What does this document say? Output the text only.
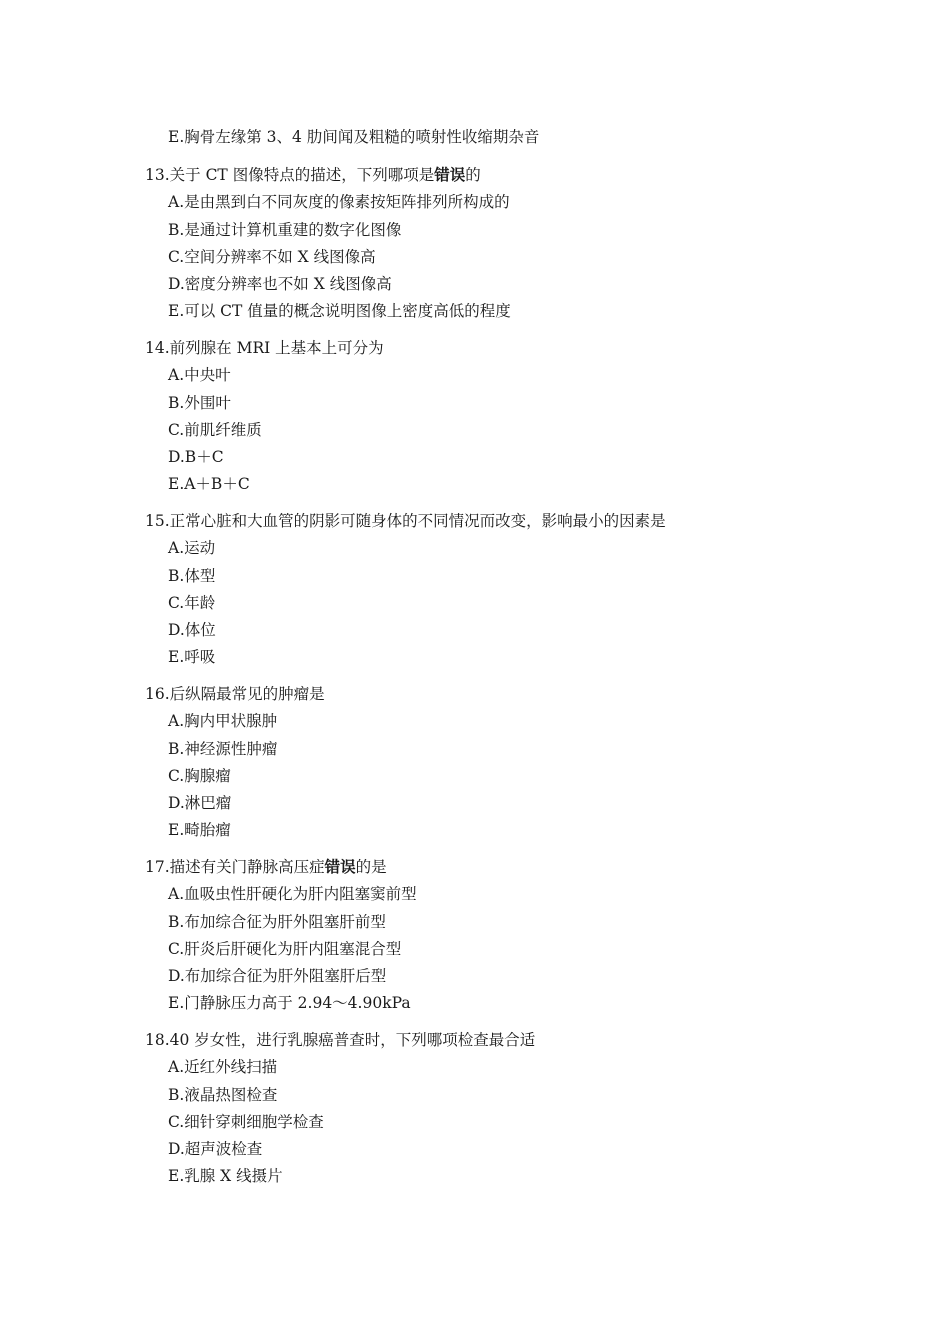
E.胸骨左缘第 3、4 肋间闻及粗糙的喷射性收缩期杂音
13.关于 CT 图像特点的描述，下列哪项是错误的
A.是由黑到白不同灰度的像素按矩阵排列所构成的
B.是通过计算机重建的数字化图像
C.空间分辨率不如 X 线图像高
D.密度分辨率也不如 X 线图像高
E.可以 CT 值量的概念说明图像上密度高低的程度
14.前列腺在 MRI 上基本上可分为
A.中央叶
B.外围叶
C.前肌纤维质
D.B＋C
E.A＋B＋C
15.正常心脏和大血管的阴影可随身体的不同情况而改变，影响最小的因素是
A.运动
B.体型
C.年龄
D.体位
E.呼吸
16.后纵隔最常见的肿瘤是
A.胸内甲状腺肿
B.神经源性肿瘤
C.胸腺瘤
D.淋巴瘤
E.畸胎瘤
17.描述有关门静脉高压症错误的是
A.血吸虫性肝硬化为肝内阻塞窦前型
B.布加综合征为肝外阻塞肝前型
C.肝炎后肝硬化为肝内阻塞混合型
D.布加综合征为肝外阻塞肝后型
E.门静脉压力高于 2.94～4.90kPa
18.40 岁女性，进行乳腺癌普查时，下列哪项检查最合适
A.近红外线扫描
B.液晶热图检查
C.细针穿刺细胞学检查
D.超声波检查
E.乳腺 X 线摄片
